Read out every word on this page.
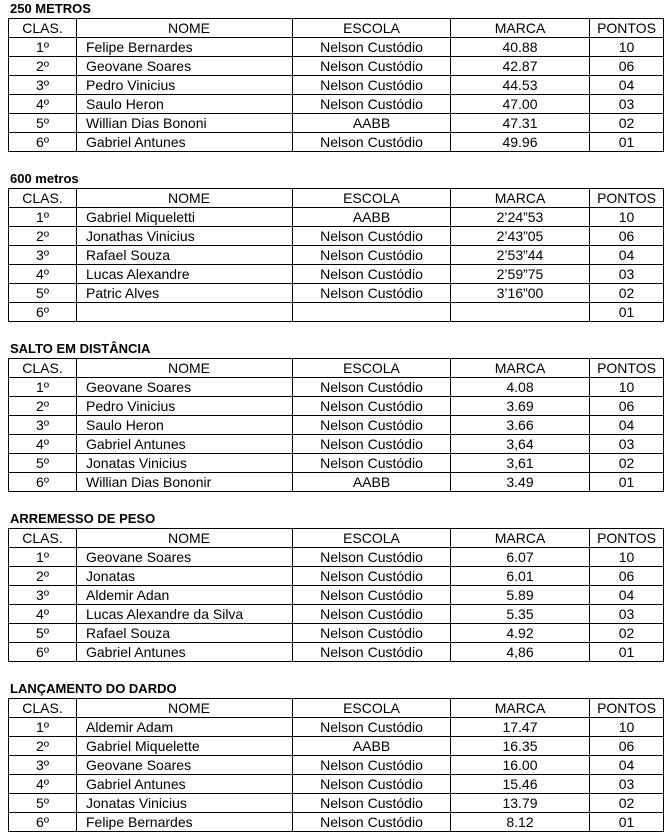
250 METROS
CLAS.	NOME	ESCOLA	MARCA	PONTOS
1º	Felipe Bernardes	Nelson Custódio	40.88	10
2º	Geovane Soares	Nelson Custódio	42.87	06
3º	Pedro Vinicius	Nelson Custódio	44.53	04
4º	Saulo Heron	Nelson Custódio	47.00	03
5º	Willian Dias Bononi	AABB	47.31	02
6º	Gabriel Antunes	Nelson Custódio	49.96	01
600 metros
CLAS.	NOME	ESCOLA	MARCA	PONTOS
1º	Gabriel Miqueletti	AABB	2’24”53	10
2º	Jonathas Vinicius	Nelson Custódio	2’43”05	06
3º	Rafael Souza	Nelson Custódio	2’53”44	04
4º	Lucas Alexandre	Nelson Custódio	2’59”75	03
5º	Patric Alves	Nelson Custódio	3’16”00	02
6º				01
SALTO EM DISTÂNCIA
CLAS.	NOME	ESCOLA	MARCA	PONTOS
1º	Geovane Soares	Nelson Custódio	4.08	10
2º	Pedro Vinicius	Nelson Custódio	3.69	06
3º	Saulo Heron	Nelson Custódio	3.66	04
4º	Gabriel Antunes	Nelson Custódio	3,64	03
5º	Jonatas Vinicius	Nelson Custódio	3,61	02
6º	Willian Dias Bononir	AABB	3.49	01
ARREMESSO DE PESO
CLAS.	NOME	ESCOLA	MARCA	PONTOS
1º	Geovane Soares	Nelson Custódio	6.07	10
2º	Jonatas	Nelson Custódio	6.01	06
3º	Aldemir Adan	Nelson Custódio	5.89	04
4º	Lucas Alexandre da Silva	Nelson Custódio	5.35	03
5º	Rafael Souza	Nelson Custódio	4.92	02
6º	Gabriel Antunes	Nelson Custódio	4,86	01
LANÇAMENTO DO DARDO
CLAS.	NOME	ESCOLA	MARCA	PONTOS
1º	Aldemir Adam	Nelson Custódio	17.47	10
2º	Gabriel Miquelette	AABB	16.35	06
3º	Geovane Soares	Nelson Custódio	16.00	04
4º	Gabriel Antunes	Nelson Custódio	15.46	03
5º	Jonatas Vinicius	Nelson Custódio	13.79	02
6º	Felipe Bernardes	Nelson Custódio	8.12	01
